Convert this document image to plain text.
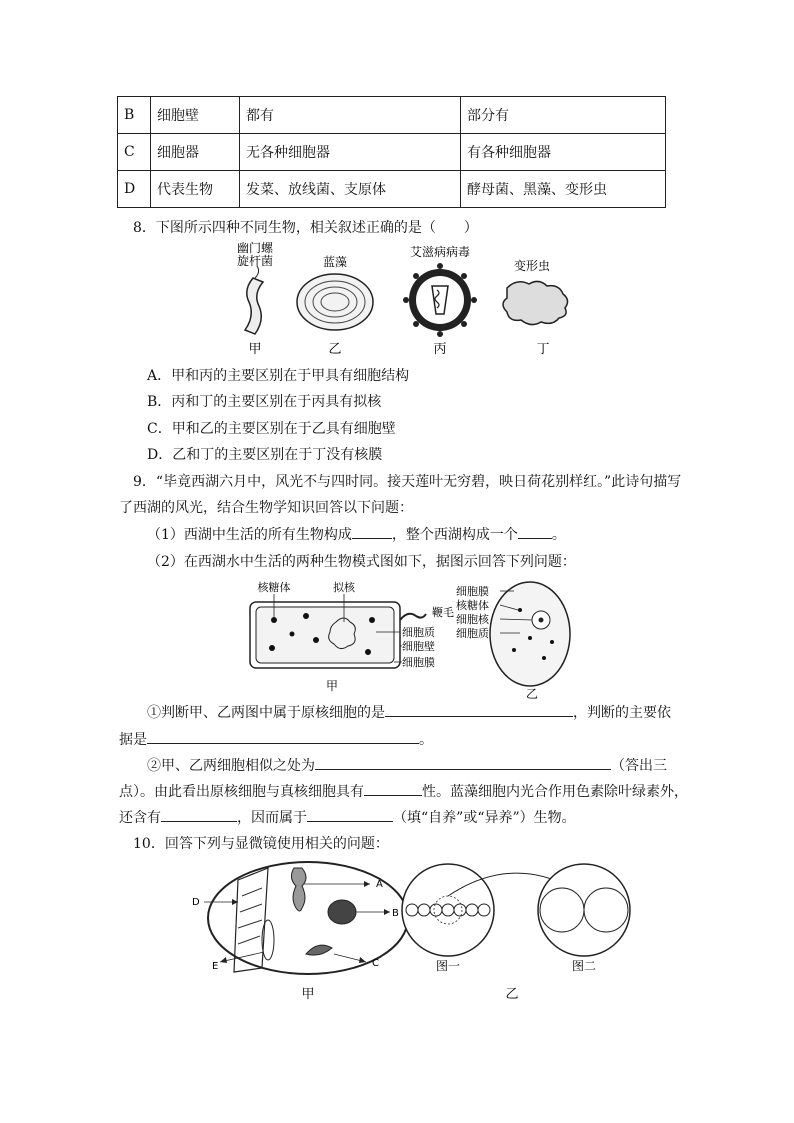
B	细胞壁	都有	部分有
C	细胞器	无各种细胞器	有各种细胞器
D	代表生物	发菜、放线菌、支原体	酵母菌、黑藻、变形虫
8．下图所示四种不同生物，相关叙述正确的是（　　）
幽门螺
旋杆菌
甲
蓝藻
乙
艾滋病病毒
丙
变形虫
丁
A．甲和丙的主要区别在于甲具有细胞结构
B．丙和丁的主要区别在于丙具有拟核
C．甲和乙的主要区别在于乙具有细胞壁
D．乙和丁的主要区别在于丁没有核膜
9．“毕竟西湖六月中，风光不与四时同。接天莲叶无穷碧，映日荷花别样红。”此诗句描写
了西湖的风光，结合生物学知识回答以下问题：
（1）西湖中生活的所有生物构成	，整个西湖构成一个 。
（2）在西湖水中生活的两种生物模式图如下，据图示回答下列问题：
核糖体	拟核
鞭毛
细胞质
细胞壁
细胞膜
甲
细胞膜
核糖体
细胞核
细胞质
乙
①判断甲、乙两图中属于原核细胞的是	，判断的主要依
据是	。
②甲、乙两细胞相似之处为	（答出三
点）。由此看出原核细胞与真核细胞具有	性。蓝藻细胞内光合作用色素除叶绿素外，
还含有	，因而属于	（填“自养”或“异养”）生物。
10．回答下列与显微镜使用相关的问题：
A
B
C
D
E
甲
图一	图二
乙
